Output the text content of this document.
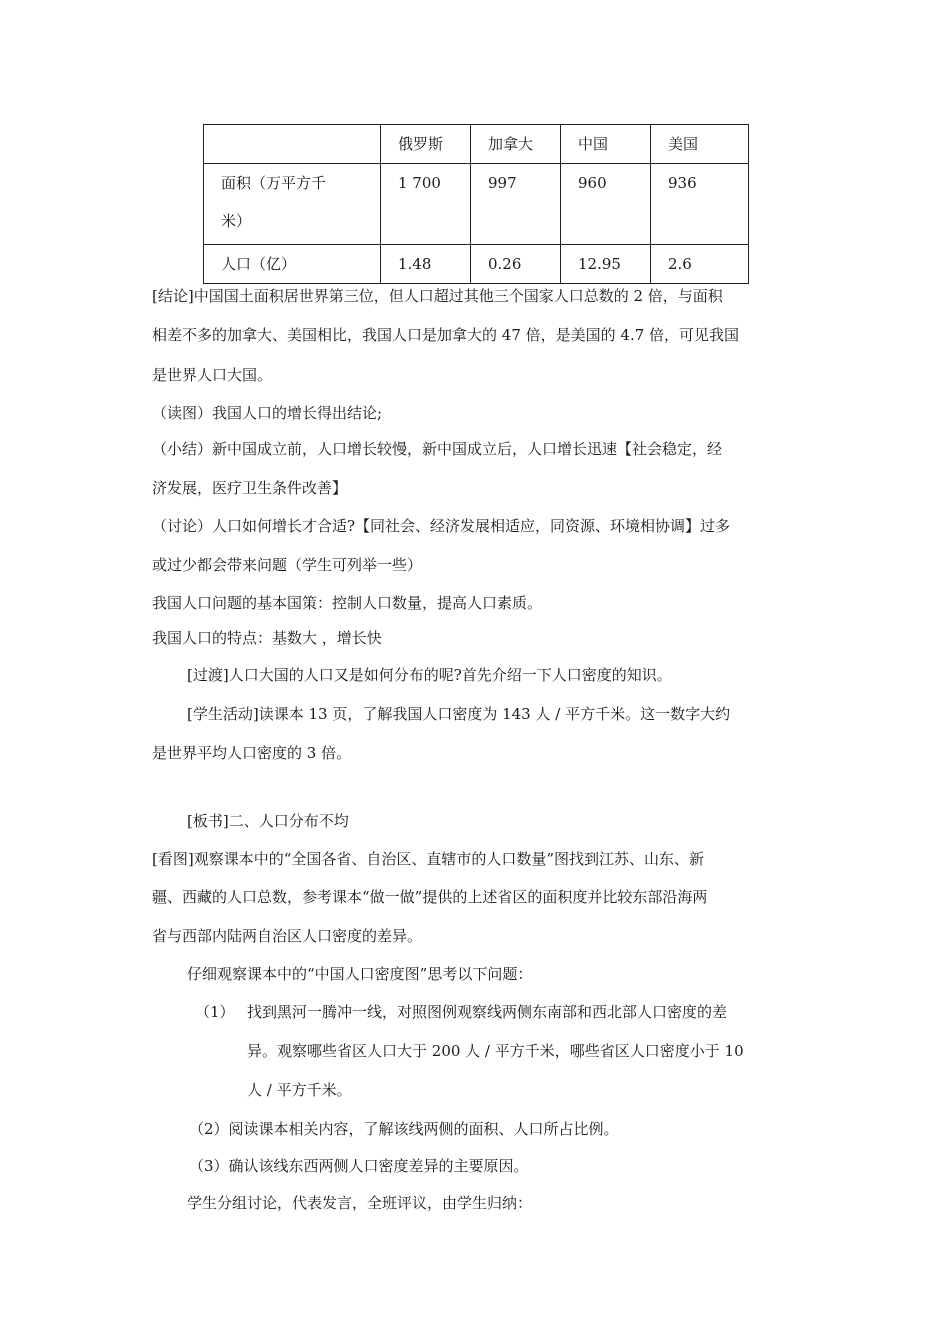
	俄罗斯	加拿大	中国	美国

面积（万平方千
米）	1 700	997	960	936
人口（亿）	1.48	0.26	12.95	2.6
[结论]中国国土面积居世界第三位，但人口超过其他三个国家人口总数的 2 倍，与面积
相差不多的加拿大、美国相比，我国人口是加拿大的 47 倍，是美国的 4.7 倍，可见我国
是世界人口大国。
（读图）我国人口的增长得出结论;
（小结）新中国成立前，人口增长较慢，新中国成立后，人口增长迅速【社会稳定，经
济发展，医疗卫生条件改善】
（讨论）人口如何增长才合适?【同社会、经济发展相适应，同资源、环境相协调】过多
或过少都会带来问题（学生可列举一些）
我国人口问题的基本国策：控制人口数量，提高人口素质。
我国人口的特点：基数大 ，增长快
[过渡]人口大国的人口又是如何分布的呢?首先介绍一下人口密度的知识。
[学生活动]读课本 13 页，了解我国人口密度为 143 人 / 平方千米。这一数字大约
是世界平均人口密度的 3 倍。
[板书]二、人口分布不均
[看图]观察课本中的“全国各省、自治区、直辖市的人口数量”图找到江苏、山东、新
疆、西藏的人口总数，参考课本“做一做”提供的上述省区的面积度并比较东部沿海两
省与西部内陆两自治区人口密度的差异。
仔细观察课本中的“中国人口密度图”思考以下问题：
（1） 找到黑河一腾冲一线，对照图例观察线两侧东南部和西北部人口密度的差
异。观察哪些省区人口大于 200 人 / 平方千米，哪些省区人口密度小于 10
人 / 平方千米。
（2）阅读课本相关内容，了解该线两侧的面积、人口所占比例。
（3）确认该线东西两侧人口密度差异的主要原因。
学生分组讨论，代表发言，全班评议，由学生归纳：
